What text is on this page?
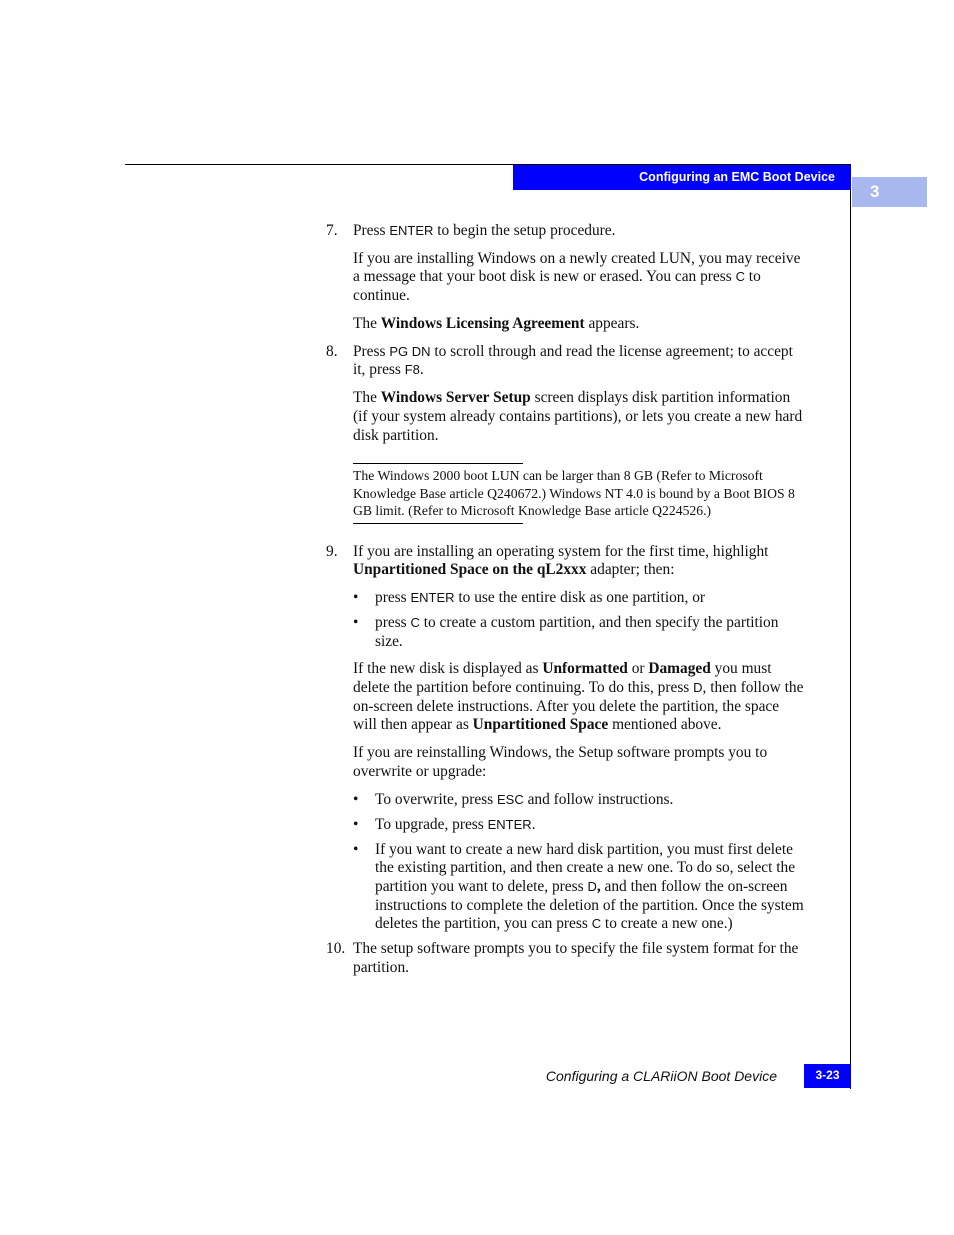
Configuring an EMC Boot Device
3
7. Press ENTER to begin the setup procedure.

If you are installing Windows on a newly created LUN, you may receive a message that your boot disk is new or erased. You can press C to continue.

The Windows Licensing Agreement appears.

8. Press PG DN to scroll through and read the license agreement; to accept it, press F8.

The Windows Server Setup screen displays disk partition information (if your system already contains partitions), or lets you create a new hard disk partition.

The Windows 2000 boot LUN can be larger than 8 GB (Refer to Microsoft Knowledge Base article Q240672.) Windows NT 4.0 is bound by a Boot BIOS 8 GB limit. (Refer to Microsoft Knowledge Base article Q224526.)
9. If you are installing an operating system for the first time, highlight Unpartitioned Space on the qL2xxx adapter; then:

• press ENTER to use the entire disk as one partition, or
• press C to create a custom partition, and then specify the partition size.

If the new disk is displayed as Unformatted or Damaged you must delete the partition before continuing. To do this, press D, then follow the on-screen delete instructions. After you delete the partition, the space will then appear as Unpartitioned Space mentioned above.

If you are reinstalling Windows, the Setup software prompts you to overwrite or upgrade:

• To overwrite, press ESC and follow instructions.
• To upgrade, press ENTER.
• If you want to create a new hard disk partition, you must first delete the existing partition, and then create a new one. To do so, select the partition you want to delete, press D, and then follow the on-screen instructions to complete the deletion of the partition. Once the system deletes the partition, you can press C to create a new one.)
10. The setup software prompts you to specify the file system format for the partition.

Configuring a CLARiiON Boot Device	3-23
